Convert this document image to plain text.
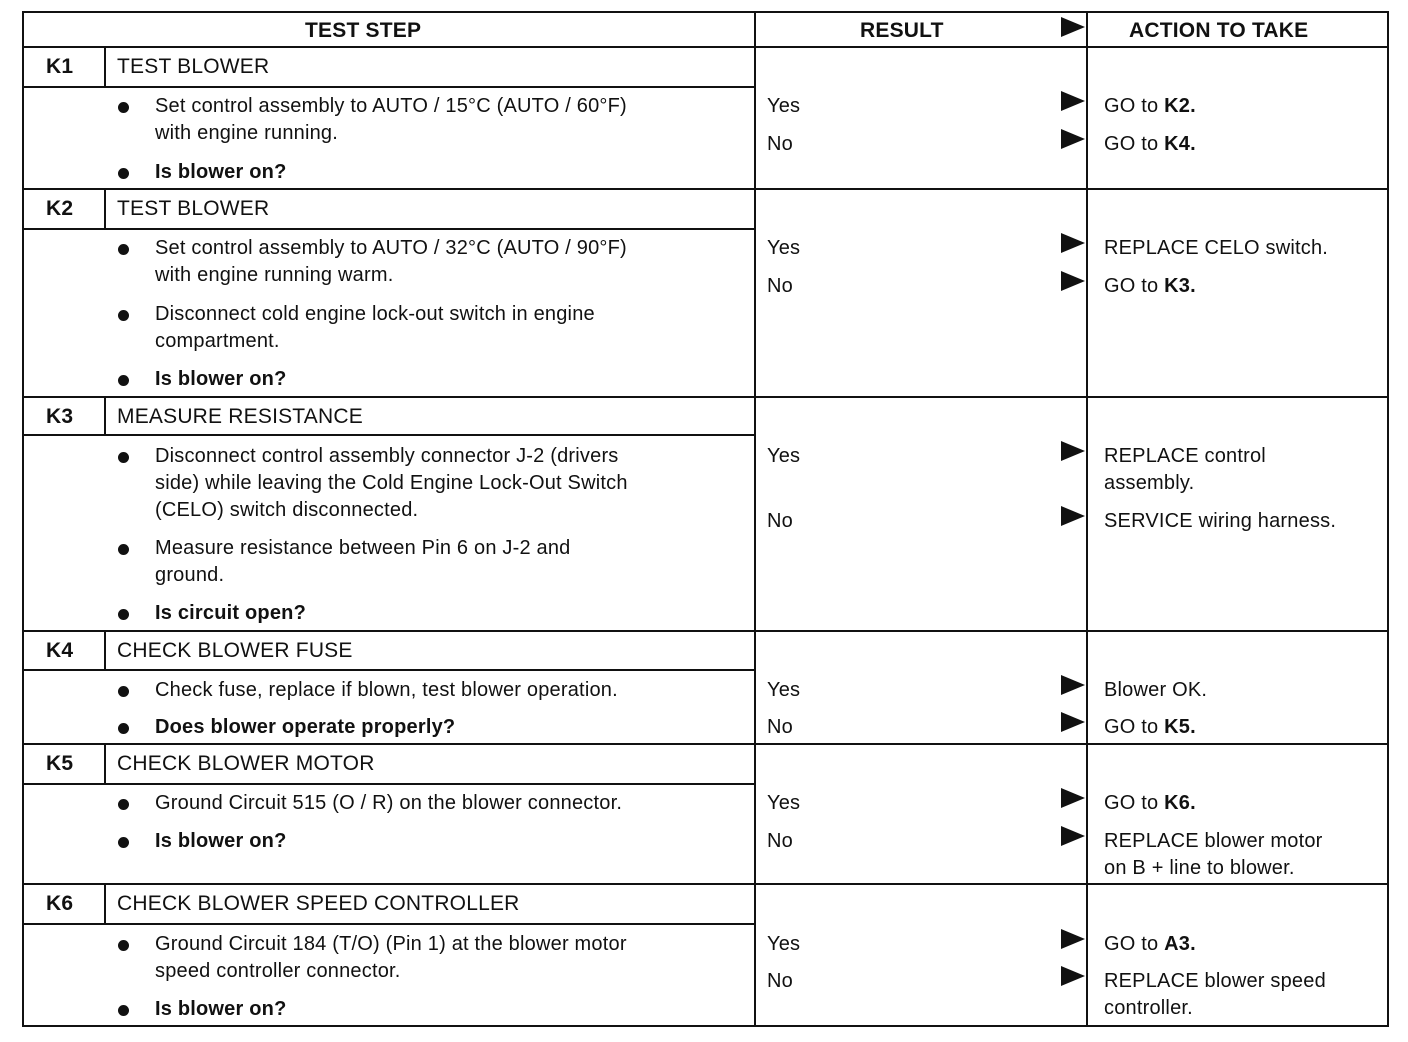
TEST STEP	RESULT	ACTION TO TAKE
K1 TEST BLOWER
Set control assembly to AUTO / 15°C (AUTO / 60°F)
with engine running.
Is blower on?
Yes	GO to K2.
No	GO to K4.
K2 TEST BLOWER
Set control assembly to AUTO / 32°C (AUTO / 90°F)
with engine running warm.
Disconnect cold engine lock-out switch in engine
compartment.
Is blower on?
Yes	REPLACE CELO switch.
No	GO to K3.
K3 MEASURE RESISTANCE
Disconnect control assembly connector J-2 (drivers
side) while leaving the Cold Engine Lock-Out Switch
(CELO) switch disconnected.
Measure resistance between Pin 6 on J-2 and
ground.
Is circuit open?
Yes	REPLACE control
assembly.
No	SERVICE wiring harness.
K4 CHECK BLOWER FUSE
Check fuse, replace if blown, test blower operation.
Does blower operate properly?
Yes	Blower OK.
No	GO to K5.
K5 CHECK BLOWER MOTOR
Ground Circuit 515 (O / R) on the blower connector.
Is blower on?
Yes	GO to K6.
No	REPLACE blower motor
on B + line to blower.
K6 CHECK BLOWER SPEED CONTROLLER
Ground Circuit 184 (T/O) (Pin 1) at the blower motor
speed controller connector.
Is blower on?
Yes	GO to A3.
No	REPLACE blower speed
controller.
